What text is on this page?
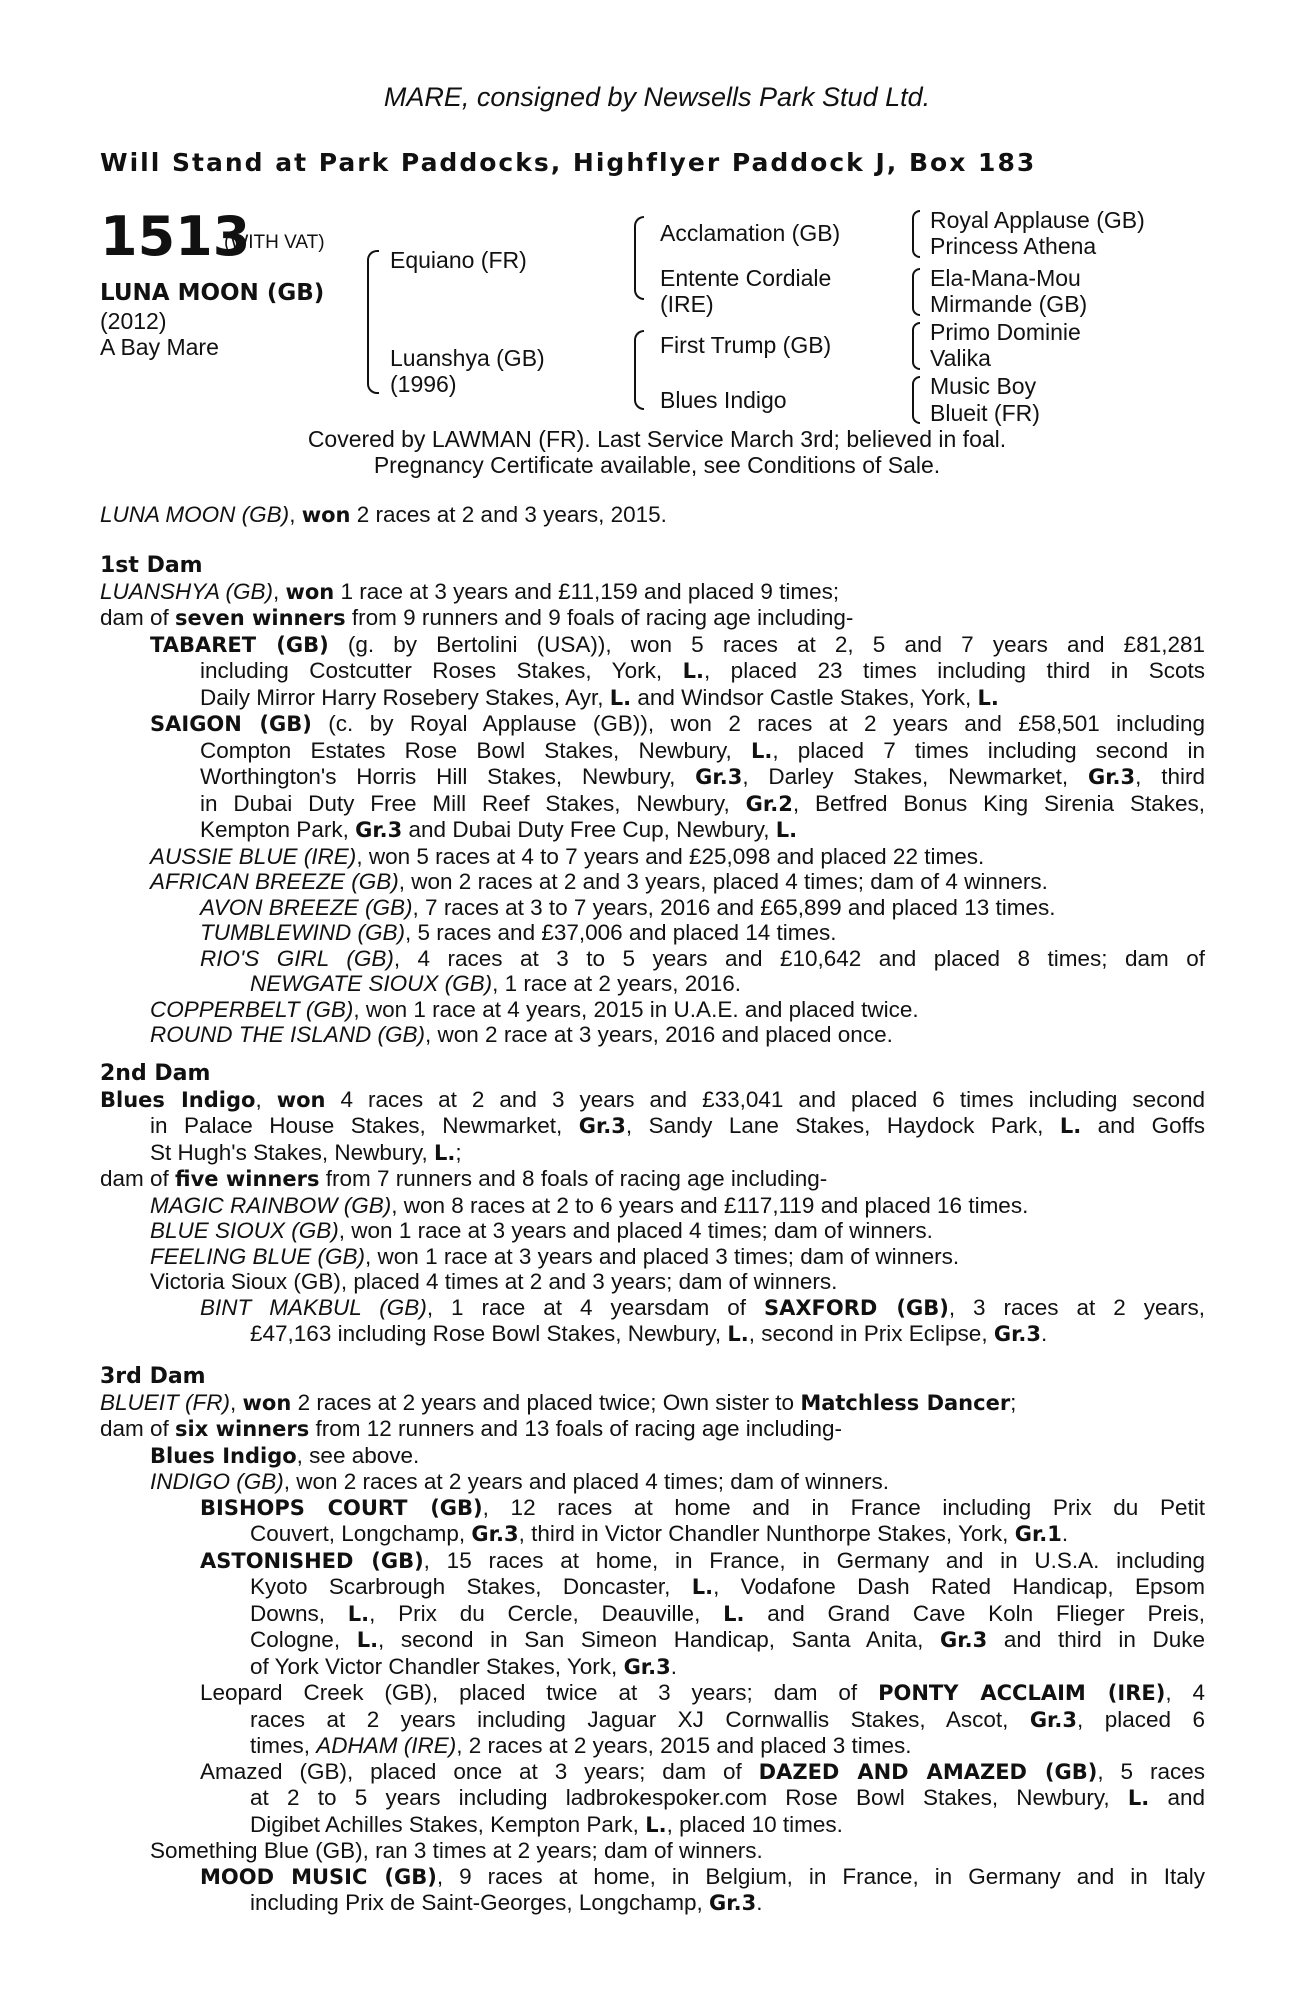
MARE, consigned by Newsells Park Stud Ltd.
Will Stand at Park Paddocks, Highflyer Paddock J, Box 183
1513
(WITH VAT)
LUNA MOON (GB)
(2012)
A Bay Mare
Equiano (FR)
Luanshya (GB)
(1996)
Acclamation (GB)
Entente Cordiale
(IRE)
First Trump (GB)
Blues Indigo
Royal Applause (GB)
Princess Athena
Ela-Mana-Mou
Mirmande (GB)
Primo Dominie
Valika
Music Boy
Blueit (FR)
Covered by LAWMAN (FR). Last Service March 3rd; believed in foal.
Pregnancy Certificate available, see Conditions of Sale.
LUNA MOON (GB), won 2 races at 2 and 3 years, 2015.
1st Dam
LUANSHYA (GB), won 1 race at 3 years and £11,159 and placed 9 times;
dam of seven winners from 9 runners and 9 foals of racing age including-
TABARET (GB) (g. by Bertolini (USA)), won 5 races at 2, 5 and 7 years and £81,281
including Costcutter Roses Stakes, York, L., placed 23 times including third in Scots
Daily Mirror Harry Rosebery Stakes, Ayr, L. and Windsor Castle Stakes, York, L.
SAIGON (GB) (c. by Royal Applause (GB)), won 2 races at 2 years and £58,501 including
Compton Estates Rose Bowl Stakes, Newbury, L., placed 7 times including second in
Worthington's Horris Hill Stakes, Newbury, Gr.3, Darley Stakes, Newmarket, Gr.3, third
in Dubai Duty Free Mill Reef Stakes, Newbury, Gr.2, Betfred Bonus King Sirenia Stakes,
Kempton Park, Gr.3 and Dubai Duty Free Cup, Newbury, L.
AUSSIE BLUE (IRE), won 5 races at 4 to 7 years and £25,098 and placed 22 times.
AFRICAN BREEZE (GB), won 2 races at 2 and 3 years, placed 4 times; dam of 4 winners.
AVON BREEZE (GB), 7 races at 3 to 7 years, 2016 and £65,899 and placed 13 times.
TUMBLEWIND (GB), 5 races and £37,006 and placed 14 times.
RIO'S GIRL (GB), 4 races at 3 to 5 years and £10,642 and placed 8 times; dam of
NEWGATE SIOUX (GB), 1 race at 2 years, 2016.
COPPERBELT (GB), won 1 race at 4 years, 2015 in U.A.E. and placed twice.
ROUND THE ISLAND (GB), won 2 race at 3 years, 2016 and placed once.
2nd Dam
Blues Indigo, won 4 races at 2 and 3 years and £33,041 and placed 6 times including second
in Palace House Stakes, Newmarket, Gr.3, Sandy Lane Stakes, Haydock Park, L. and Goffs
St Hugh's Stakes, Newbury, L.;
dam of five winners from 7 runners and 8 foals of racing age including-
MAGIC RAINBOW (GB), won 8 races at 2 to 6 years and £117,119 and placed 16 times.
BLUE SIOUX (GB), won 1 race at 3 years and placed 4 times; dam of winners.
FEELING BLUE (GB), won 1 race at 3 years and placed 3 times; dam of winners.
Victoria Sioux (GB), placed 4 times at 2 and 3 years; dam of winners.
BINT MAKBUL (GB), 1 race at 4 yearsdam of SAXFORD (GB), 3 races at 2 years,
£47,163 including Rose Bowl Stakes, Newbury, L., second in Prix Eclipse, Gr.3.
3rd Dam
BLUEIT (FR), won 2 races at 2 years and placed twice; Own sister to Matchless Dancer;
dam of six winners from 12 runners and 13 foals of racing age including-
Blues Indigo, see above.
INDIGO (GB), won 2 races at 2 years and placed 4 times; dam of winners.
BISHOPS COURT (GB), 12 races at home and in France including Prix du Petit
Couvert, Longchamp, Gr.3, third in Victor Chandler Nunthorpe Stakes, York, Gr.1.
ASTONISHED (GB), 15 races at home, in France, in Germany and in U.S.A. including
Kyoto Scarbrough Stakes, Doncaster, L., Vodafone Dash Rated Handicap, Epsom
Downs, L., Prix du Cercle, Deauville, L. and Grand Cave Koln Flieger Preis,
Cologne, L., second in San Simeon Handicap, Santa Anita, Gr.3 and third in Duke
of York Victor Chandler Stakes, York, Gr.3.
Leopard Creek (GB), placed twice at 3 years; dam of PONTY ACCLAIM (IRE), 4
races at 2 years including Jaguar XJ Cornwallis Stakes, Ascot, Gr.3, placed 6
times, ADHAM (IRE), 2 races at 2 years, 2015 and placed 3 times.
Amazed (GB), placed once at 3 years; dam of DAZED AND AMAZED (GB), 5 races
at 2 to 5 years including ladbrokespoker.com Rose Bowl Stakes, Newbury, L. and
Digibet Achilles Stakes, Kempton Park, L., placed 10 times.
Something Blue (GB), ran 3 times at 2 years; dam of winners.
MOOD MUSIC (GB), 9 races at home, in Belgium, in France, in Germany and in Italy
including Prix de Saint-Georges, Longchamp, Gr.3.
